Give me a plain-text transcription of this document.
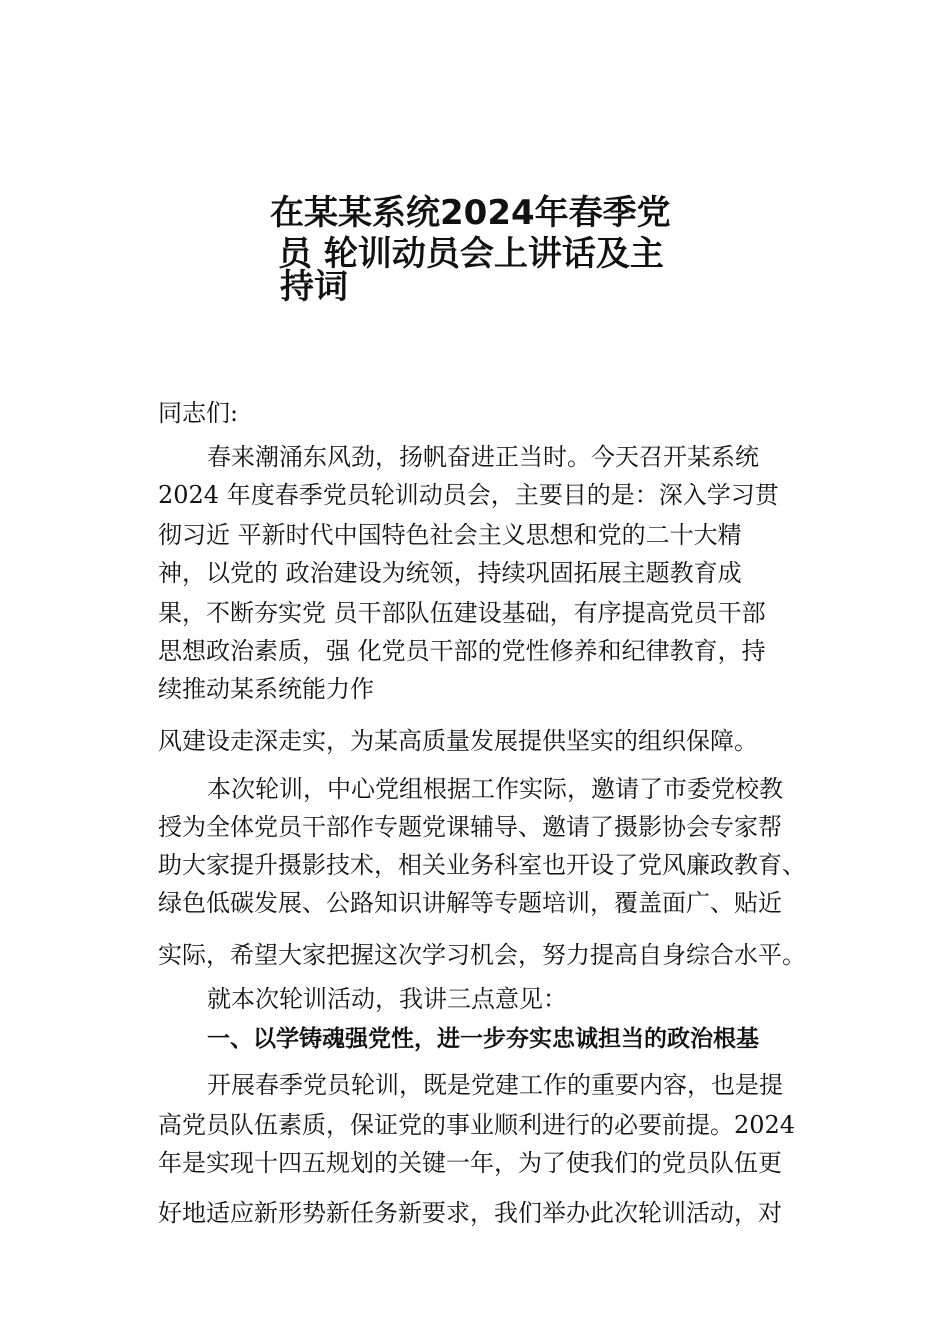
在某某系统2024年春季党
员 轮训动员会上讲话及主
持词
同志们:
春来潮涌东风劲，扬帆奋进正当时。今天召开某系统
2024 年度春季党员轮训动员会，主要目的是：深入学习贯
彻习近 平新时代中国特色社会主义思想和党的二十大精
神，以党的 政治建设为统领，持续巩固拓展主题教育成
果，不断夯实党 员干部队伍建设基础，有序提高党员干部
思想政治素质，强 化党员干部的党性修养和纪律教育，持
续推动某系统能力作
风建设走深走实，为某高质量发展提供坚实的组织保障。
本次轮训，中心党组根据工作实际，邀请了市委党校教
授为全体党员干部作专题党课辅导、邀请了摄影协会专家帮
助大家提升摄影技术，相关业务科室也开设了党风廉政教育、
绿色低碳发展、公路知识讲解等专题培训，覆盖面广、贴近
实际，希望大家把握这次学习机会，努力提高自身综合水平。
就本次轮训活动，我讲三点意见：
一、以学铸魂强党性，进一步夯实忠诚担当的政治根基
开展春季党员轮训，既是党建工作的重要内容，也是提
高党员队伍素质，保证党的事业顺利进行的必要前提。2024
年是实现十四五规划的关键一年，为了使我们的党员队伍更
好地适应新形势新任务新要求，我们举办此次轮训活动，对
